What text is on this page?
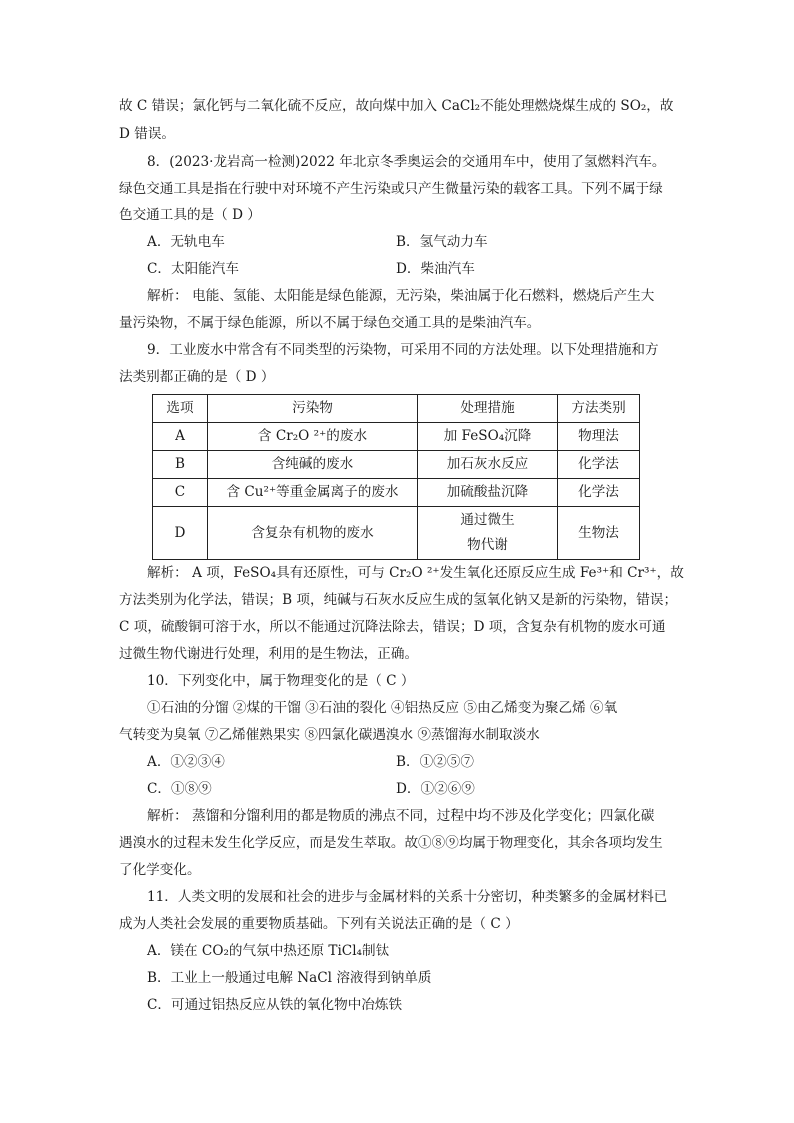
故 C 错误；氯化钙与二氧化硫不反应，故向煤中加入 CaCl₂不能处理燃烧煤生成的 SO₂，故
D 错误。
8．(2023·龙岩高一检测)2022 年北京冬季奥运会的交通用车中，使用了氢燃料汽车。
绿色交通工具是指在行驶中对环境不产生污染或只产生微量污染的载客工具。下列不属于绿
色交通工具的是（ D ）
A．无轨电车	B．氢气动力车
C．太阳能汽车	D．柴油汽车
解析： 电能、氢能、太阳能是绿色能源，无污染，柴油属于化石燃料，燃烧后产生大
量污染物，不属于绿色能源，所以不属于绿色交通工具的是柴油汽车。
9．工业废水中常含有不同类型的污染物，可采用不同的方法处理。以下处理措施和方
法类别都正确的是（ D ）
选项	污染物	处理措施	方法类别
A	含 Cr₂O ²⁺的废水	加 FeSO₄沉降	物理法
B	含纯碱的废水	加石灰水反应	化学法
C	含 Cu²⁺等重金属离子的废水	加硫酸盐沉降	化学法
D	含复杂有机物的废水	通过微生
物代谢	生物法
解析： A 项，FeSO₄具有还原性，可与 Cr₂O ²⁺发生氧化还原反应生成 Fe³⁺和 Cr³⁺，故
方法类别为化学法，错误；B 项，纯碱与石灰水反应生成的氢氧化钠又是新的污染物，错误；
C 项，硫酸铜可溶于水，所以不能通过沉降法除去，错误；D 项，含复杂有机物的废水可通
过微生物代谢进行处理，利用的是生物法，正确。
10．下列变化中，属于物理变化的是（ C ）
①石油的分馏 ②煤的干馏 ③石油的裂化 ④铝热反应 ⑤由乙烯变为聚乙烯 ⑥氧
气转变为臭氧 ⑦乙烯催熟果实 ⑧四氯化碳遇溴水 ⑨蒸馏海水制取淡水
A．①②③④	B．①②⑤⑦
C．①⑧⑨	D．①②⑥⑨
解析： 蒸馏和分馏利用的都是物质的沸点不同，过程中均不涉及化学变化；四氯化碳
遇溴水的过程未发生化学反应，而是发生萃取。故①⑧⑨均属于物理变化，其余各项均发生
了化学变化。
11．人类文明的发展和社会的进步与金属材料的关系十分密切，种类繁多的金属材料已
成为人类社会发展的重要物质基础。下列有关说法正确的是（ C ）
A．镁在 CO₂的气氛中热还原 TiCl₄制钛
B．工业上一般通过电解 NaCl 溶液得到钠单质
C．可通过铝热反应从铁的氧化物中冶炼铁
